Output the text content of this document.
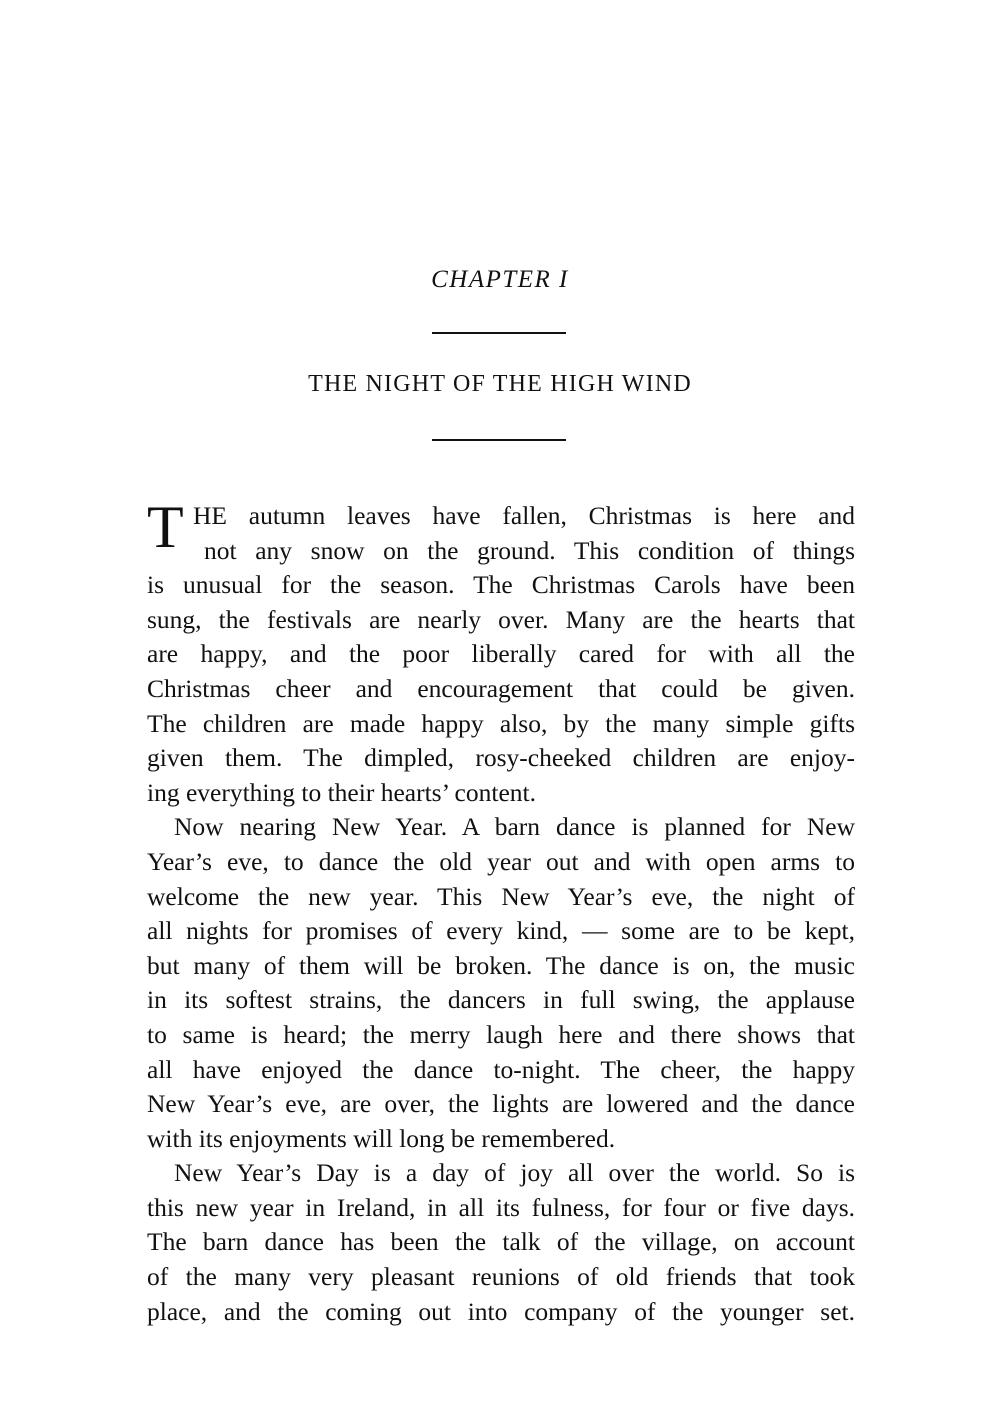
CHAPTER I
THE NIGHT OF THE HIGH WIND
T HE autumn leaves have fallen, Christmas is here and
not any snow on the ground. This condition of things
is unusual for the season. The Christmas Carols have been
sung, the festivals are nearly over. Many are the hearts that
are happy, and the poor liberally cared for with all the
Christmas cheer and encouragement that could be given.
The children are made happy also, by the many simple gifts
given them. The dimpled, rosy-cheeked children are enjoy-
ing everything to their hearts’ content.
Now nearing New Year. A barn dance is planned for New
Year’s eve, to dance the old year out and with open arms to
welcome the new year. This New Year’s eve, the night of
all nights for promises of every kind, — some are to be kept,
but many of them will be broken. The dance is on, the music
in its softest strains, the dancers in full swing, the applause
to same is heard; the merry laugh here and there shows that
all have enjoyed the dance to-night. The cheer, the happy
New Year’s eve, are over, the lights are lowered and the dance
with its enjoyments will long be remembered.
New Year’s Day is a day of joy all over the world. So is
this new year in Ireland, in all its fulness, for four or five days.
The barn dance has been the talk of the village, on account
of the many very pleasant reunions of old friends that took
place, and the coming out into company of the younger set.
